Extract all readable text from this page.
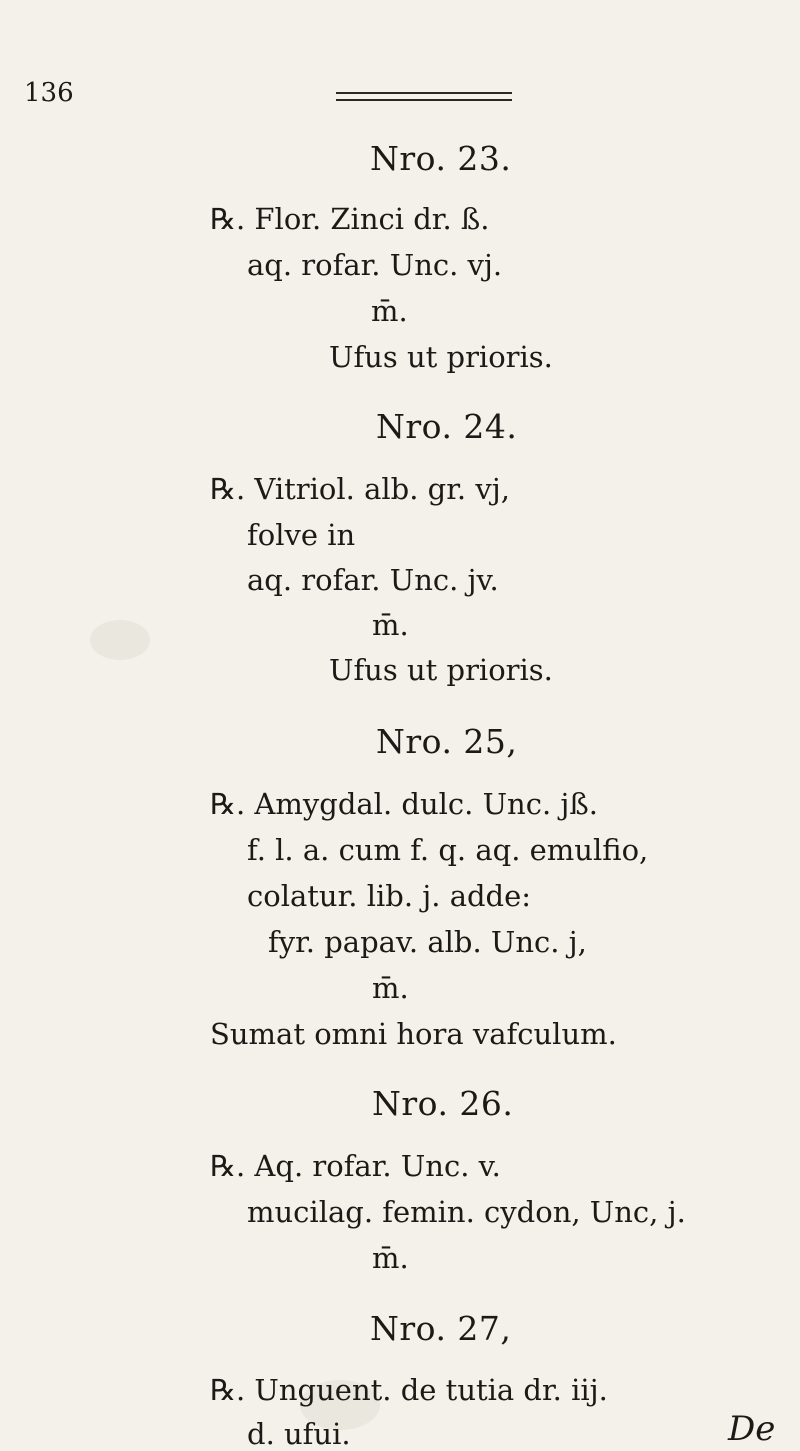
136
Nro. 23.
℞. Flor. Zinci dr. ß.
aq. rofar. Unc. vj.
m̄.
Ufus ut prioris.
Nro. 24.
℞. Vitriol. alb. gr. vj,
folve in
aq. rofar. Unc. jv.
m̄.
Ufus ut prioris.
Nro. 25,
℞. Amygdal. dulc. Unc. jß.
f. l. a. cum f. q. aq. emulfio,
colatur. lib. j. adde:
fyr. papav. alb. Unc. j,
m̄.
Sumat omni hora vafculum.
Nro. 26.
℞. Aq. rofar. Unc. v.
mucilag. femin. cydon, Unc, j.
m̄.
Nro. 27,
℞. Unguent. de tutia dr. iij.
d. ufui.	De
